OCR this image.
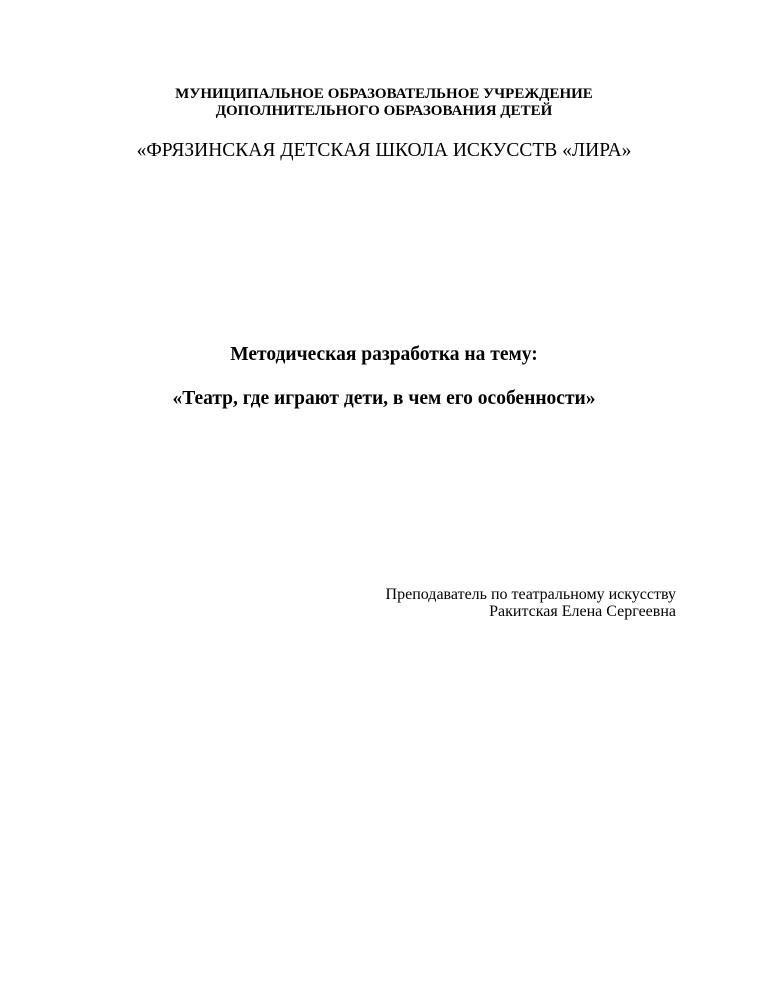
МУНИЦИПАЛЬНОЕ ОБРАЗОВАТЕЛЬНОЕ УЧРЕЖДЕНИЕ
ДОПОЛНИТЕЛЬНОГО ОБРАЗОВАНИЯ ДЕТЕЙ
«ФРЯЗИНСКАЯ ДЕТСКАЯ ШКОЛА ИСКУССТВ «ЛИРА»
Методическая разработка на тему:
«Театр, где играют дети, в чем его особенности»
Преподаватель по театральному искусству
Ракитская Елена Сергеевна
